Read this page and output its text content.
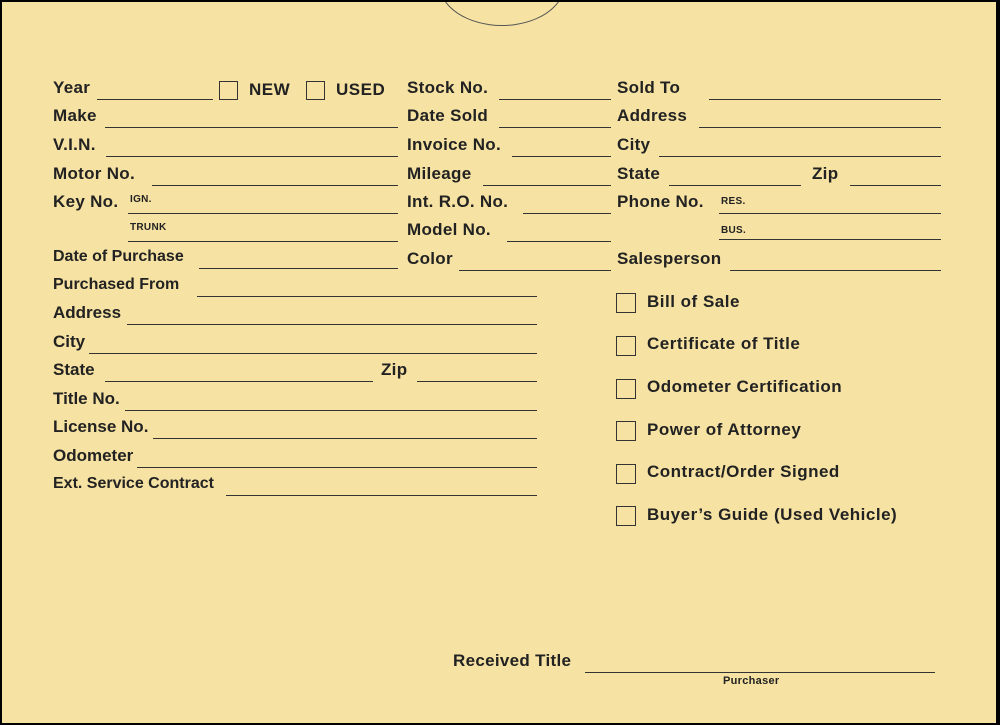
Year	NEW	USED
Make
V.I.N.
Motor No.
Key No. IGN.
TRUNK
Date of Purchase
Stock No.
Date Sold
Invoice No.
Mileage
Int. R.O. No.
Model No.
Color
Sold To
Address
City
State	Zip
Phone No. RES.
BUS.
Salesperson
Purchased From
Address
City
State	Zip
Title No.
License No.
Odometer
Ext. Service Contract
Bill of Sale
Certificate of Title
Odometer Certification
Power of Attorney
Contract/Order Signed
Buyer’s Guide (Used Vehicle)
Received Title
Purchaser
